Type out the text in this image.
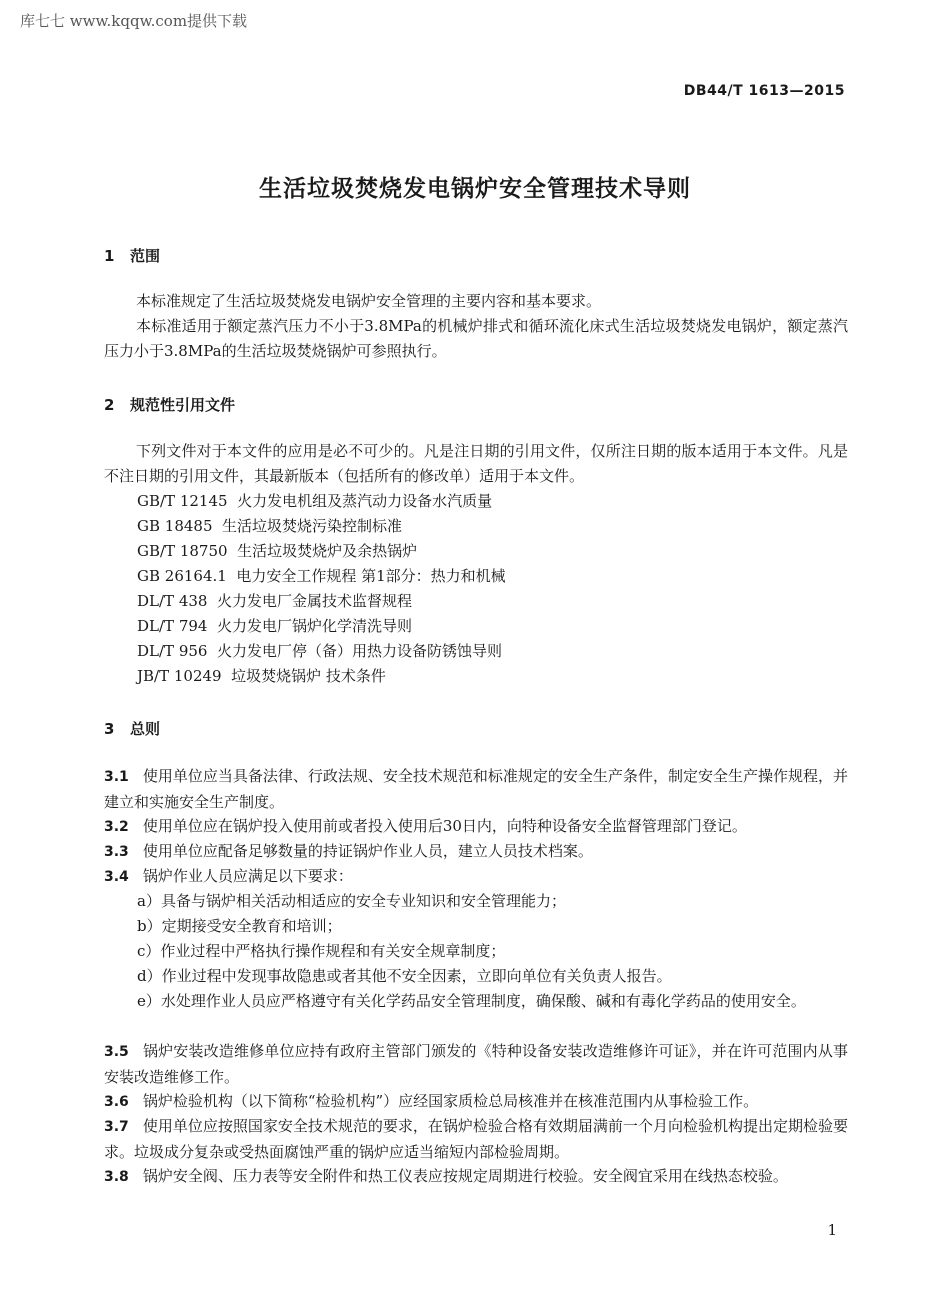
库七七 www.kqqw.com提供下载
DB44/T 1613—2015
生活垃圾焚烧发电锅炉安全管理技术导则
1 范围
本标准规定了生活垃圾焚烧发电锅炉安全管理的主要内容和基本要求。
本标准适用于额定蒸汽压力不小于3.8MPa的机械炉排式和循环流化床式生活垃圾焚烧发电锅炉，额定蒸汽压力小于3.8MPa的生活垃圾焚烧锅炉可参照执行。
2 规范性引用文件
下列文件对于本文件的应用是必不可少的。凡是注日期的引用文件，仅所注日期的版本适用于本文件。凡是不注日期的引用文件，其最新版本（包括所有的修改单）适用于本文件。
GB/T 12145  火力发电机组及蒸汽动力设备水汽质量
GB 18485  生活垃圾焚烧污染控制标准
GB/T 18750  生活垃圾焚烧炉及余热锅炉
GB 26164.1  电力安全工作规程 第1部分：热力和机械
DL/T 438  火力发电厂金属技术监督规程
DL/T 794  火力发电厂锅炉化学清洗导则
DL/T 956  火力发电厂停（备）用热力设备防锈蚀导则
JB/T 10249  垃圾焚烧锅炉 技术条件
3 总则
3.1 使用单位应当具备法律、行政法规、安全技术规范和标准规定的安全生产条件，制定安全生产操作规程，并建立和实施安全生产制度。
3.2 使用单位应在锅炉投入使用前或者投入使用后30日内，向特种设备安全监督管理部门登记。
3.3 使用单位应配备足够数量的持证锅炉作业人员，建立人员技术档案。
3.4 锅炉作业人员应满足以下要求：
a）具备与锅炉相关活动相适应的安全专业知识和安全管理能力；
b）定期接受安全教育和培训；
c）作业过程中严格执行操作规程和有关安全规章制度；
d）作业过程中发现事故隐患或者其他不安全因素，立即向单位有关负责人报告。
e）水处理作业人员应严格遵守有关化学药品安全管理制度，确保酸、碱和有毒化学药品的使用安全。
3.5 锅炉安装改造维修单位应持有政府主管部门颁发的《特种设备安装改造维修许可证》，并在许可范围内从事安装改造维修工作。
3.6 锅炉检验机构（以下简称“检验机构”）应经国家质检总局核准并在核准范围内从事检验工作。
3.7 使用单位应按照国家安全技术规范的要求，在锅炉检验合格有效期届满前一个月向检验机构提出定期检验要求。垃圾成分复杂或受热面腐蚀严重的锅炉应适当缩短内部检验周期。
3.8 锅炉安全阀、压力表等安全附件和热工仪表应按规定周期进行校验。安全阀宜采用在线热态校验。
1
